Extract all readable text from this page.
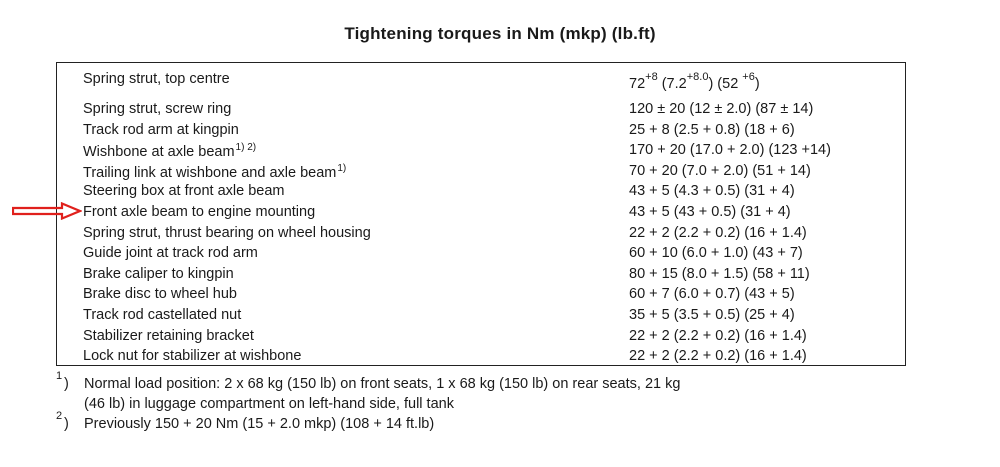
Tightening torques in Nm (mkp) (lb.ft)
Spring strut, top centre	$72^{+8}$ $(7.2^{+8.0})$ (52 $^{+6}$)
Spring strut, screw ring	120 ± 20 (12 ± 2.0) (87 ± 14)
Track rod arm at kingpin	25 + 8 (2.5 + 0.8) (18 + 6)
Wishbone at axle beam$^{1) 2)}$	170 + 20 (17.0 + 2.0) (123 +14)
Trailing link at wishbone and axle beam$^{1)}$	70 + 20 (7.0 + 2.0) (51 + 14)
Steering box at front axle beam	43 + 5 (4.3 + 0.5) (31 + 4)
Front axle beam to engine mounting	43 + 5 (43 + 0.5) (31 + 4)
Spring strut, thrust bearing on wheel housing	22 + 2 (2.2 + 0.2) (16 + 1.4)
Guide joint at track rod arm	60 + 10 (6.0 + 1.0) (43 + 7)
Brake caliper to kingpin	80 + 15 (8.0 + 1.5) (58 + 11)
Brake disc to wheel hub	60 + 7 (6.0 + 0.7) (43 + 5)
Track rod castellated nut	35 + 5 (3.5 + 0.5) (25 + 4)
Stabilizer retaining bracket	22 + 2 (2.2 + 0.2) (16 + 1.4)
Lock nut for stabilizer at wishbone	22 + 2 (2.2 + 0.2) (16 + 1.4)
1 ) Normal load position: 2 x 68 kg (150 lb) on front seats, 1 x 68 kg (150 lb) on rear seats, 21 kg
(46 lb) in luggage compartment on left-hand side, full tank
2 ) Previously 150 + 20 Nm (15 + 2.0 mkp) (108 + 14 ft.lb)
